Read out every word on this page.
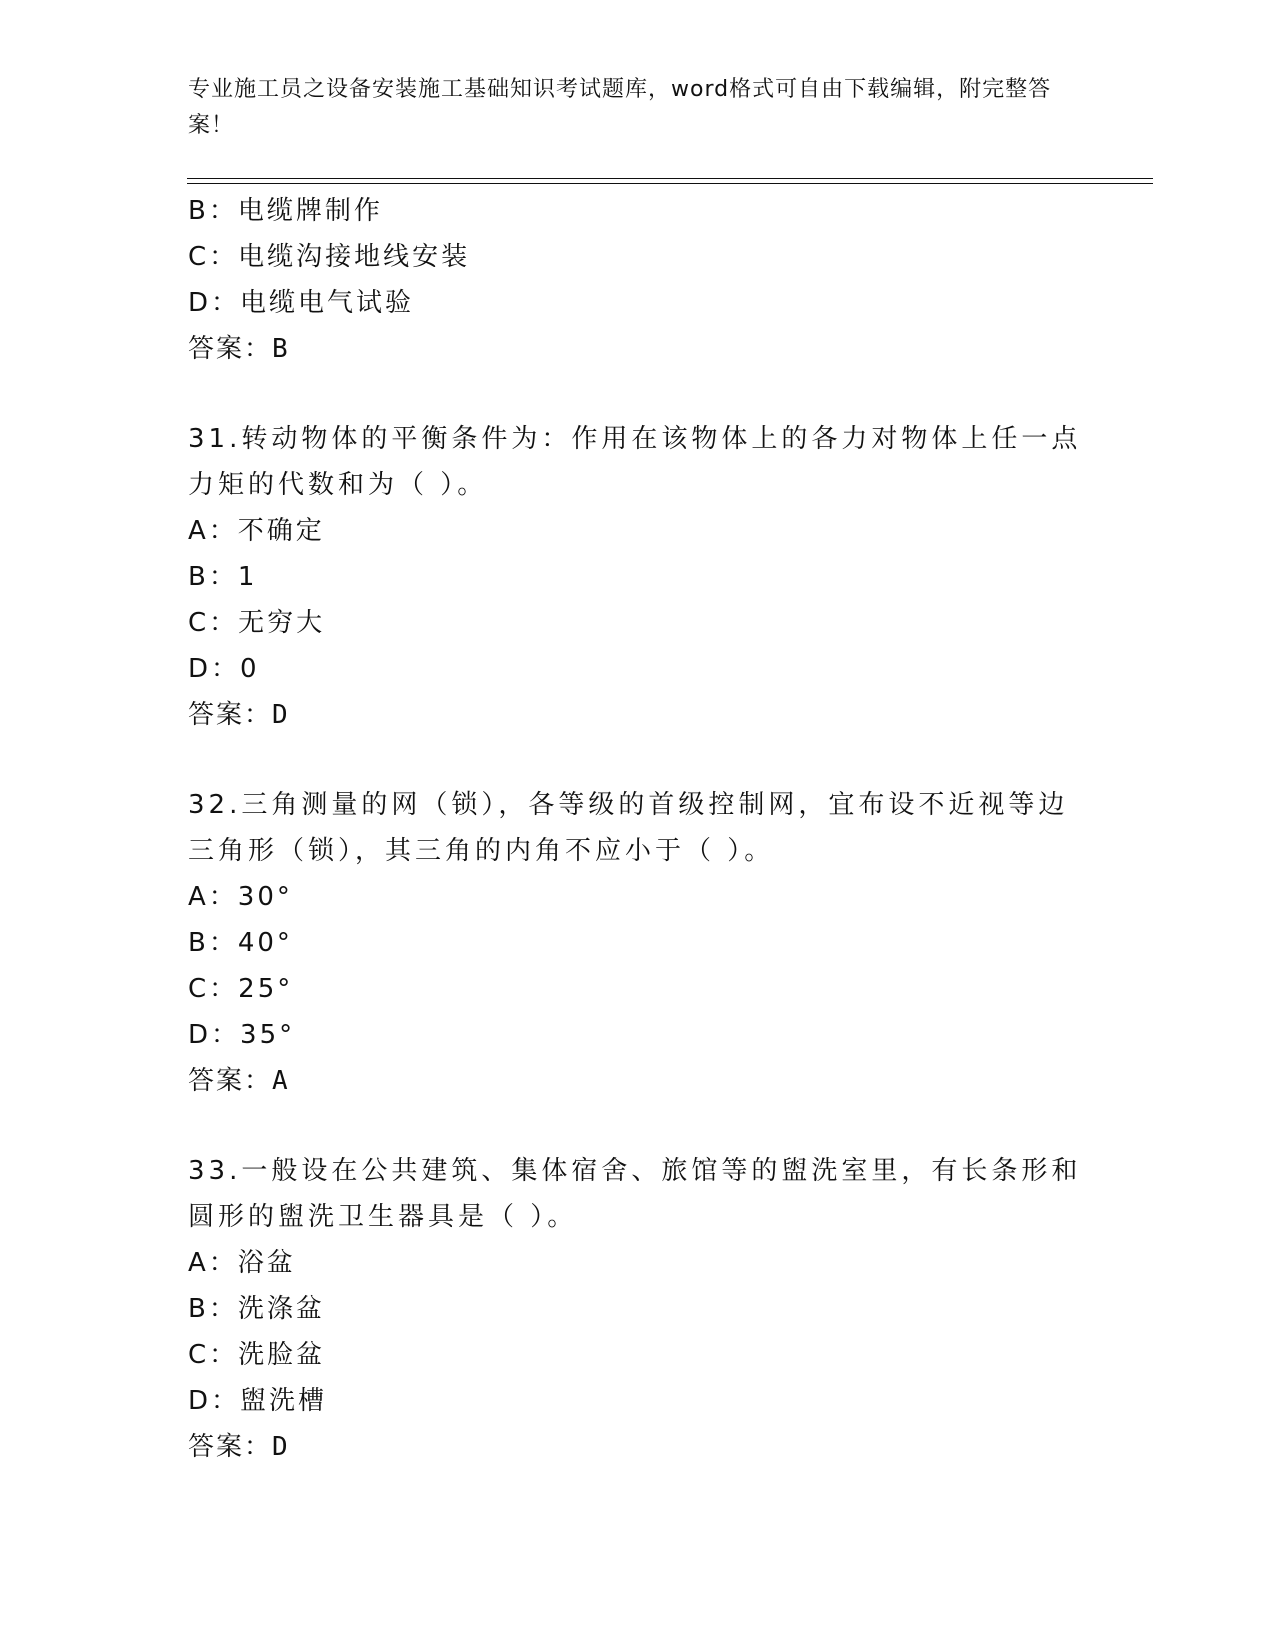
专业施工员之设备安装施工基础知识考试题库，word格式可自由下载编辑，附完整答案！
B：电缆牌制作
C：电缆沟接地线安装
D：电缆电气试验
答案：B
31.转动物体的平衡条件为：作用在该物体上的各力对物体上任一点力矩的代数和为（ ）。
A：不确定
B：1
C：无穷大
D：0
答案：D
32.三角测量的网（锁），各等级的首级控制网，宜布设不近视等边三角形（锁），其三角的内角不应小于（ ）。
A：30°
B：40°
C：25°
D：35°
答案：A
33.一般设在公共建筑、集体宿舍、旅馆等的盥洗室里，有长条形和圆形的盥洗卫生器具是（ ）。
A：浴盆
B：洗涤盆
C：洗脸盆
D：盥洗槽
答案：D
